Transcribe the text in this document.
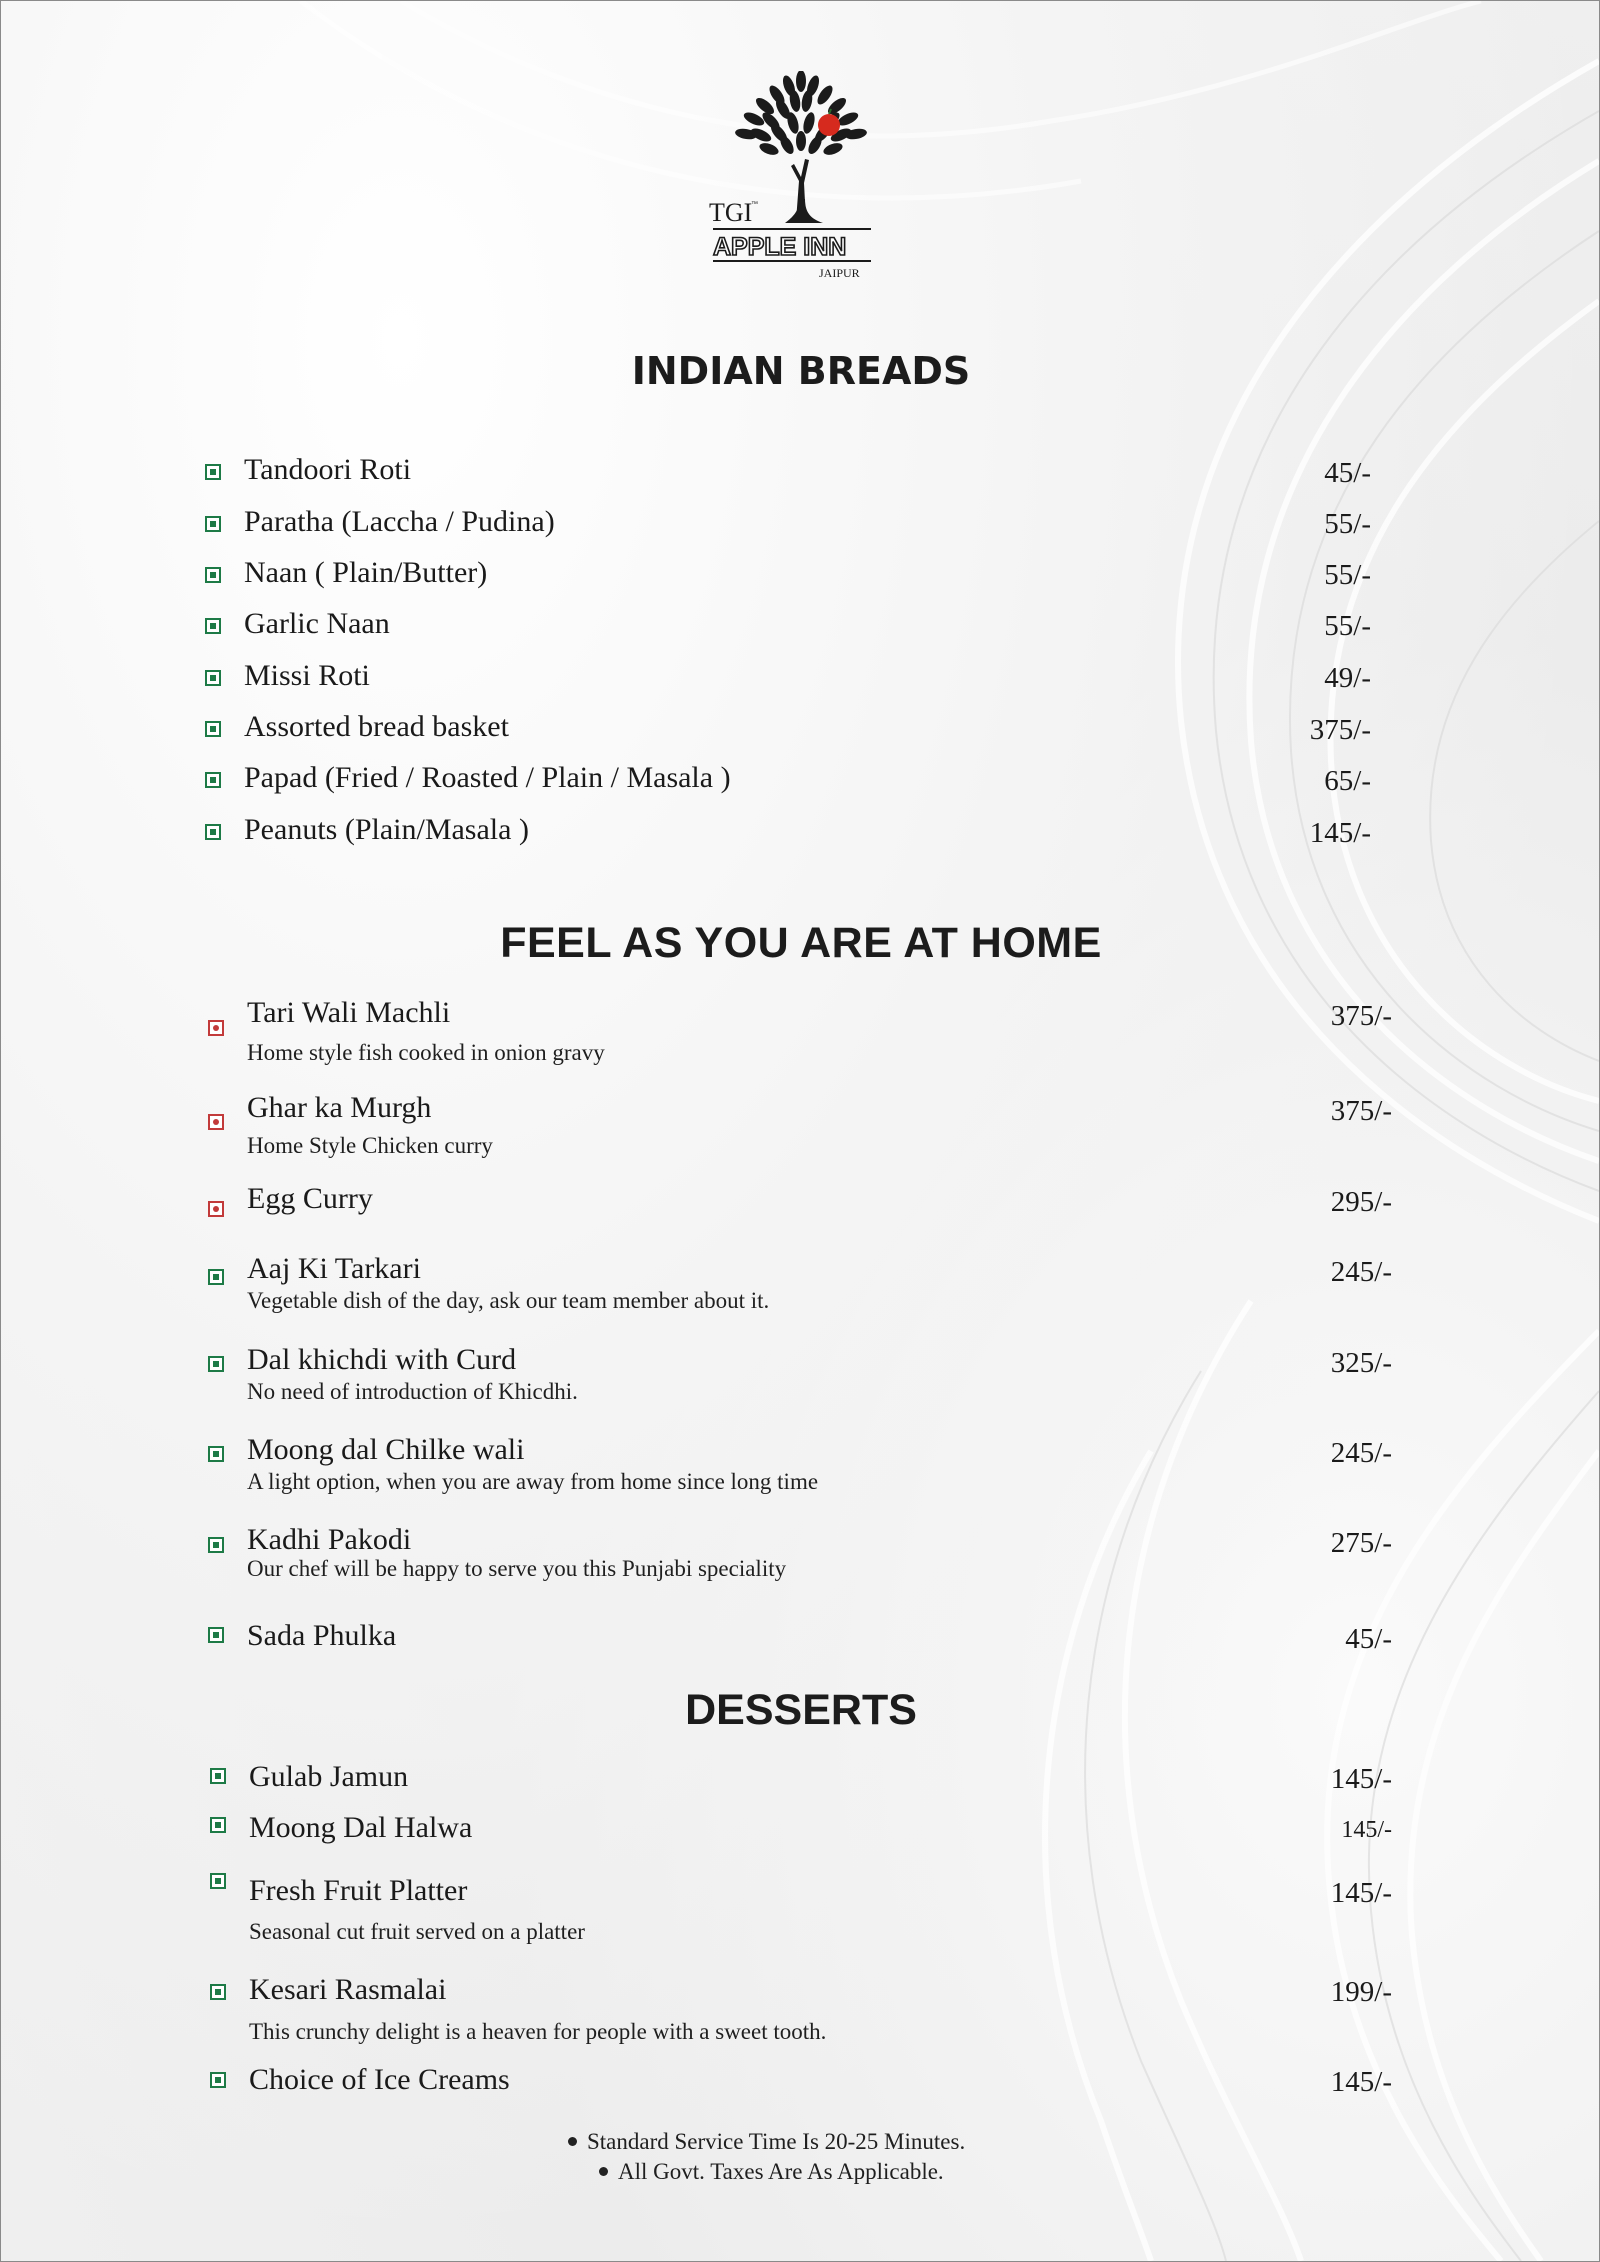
TGI
™
APPLE INN
JAIPUR
INDIAN BREADS
Tandoori Roti	45/-
Paratha (Laccha / Pudina)	55/-
Naan ( Plain/Butter)	55/-
Garlic Naan	55/-
Missi Roti	49/-
Assorted bread basket	375/-
Papad (Fried / Roasted / Plain / Masala )	65/-
Peanuts (Plain/Masala )	145/-
FEEL AS YOU ARE AT HOME
Tari Wali Machli
Home style fish cooked in onion gravy
375/-
Ghar ka Murgh
Home Style Chicken curry
375/-
Egg Curry	295/-
Aaj Ki Tarkari
Vegetable dish of the day, ask our team member about it.
245/-
Dal khichdi with Curd
No need of introduction of Khicdhi.
325/-
Moong dal Chilke wali
A light option, when you are away from home since long time
245/-
Kadhi Pakodi
Our chef will be happy to serve you this Punjabi speciality
275/-
Sada Phulka	45/-
DESSERTS
Gulab Jamun	145/-
Moong Dal Halwa	145/-
Fresh Fruit Platter
Seasonal cut fruit served on a platter
145/-
Kesari Rasmalai
This crunchy delight is a heaven for people with a sweet tooth.
199/-
Choice of Ice Creams	145/-
Standard Service Time Is 20-25 Minutes.
All Govt. Taxes Are As Applicable.
